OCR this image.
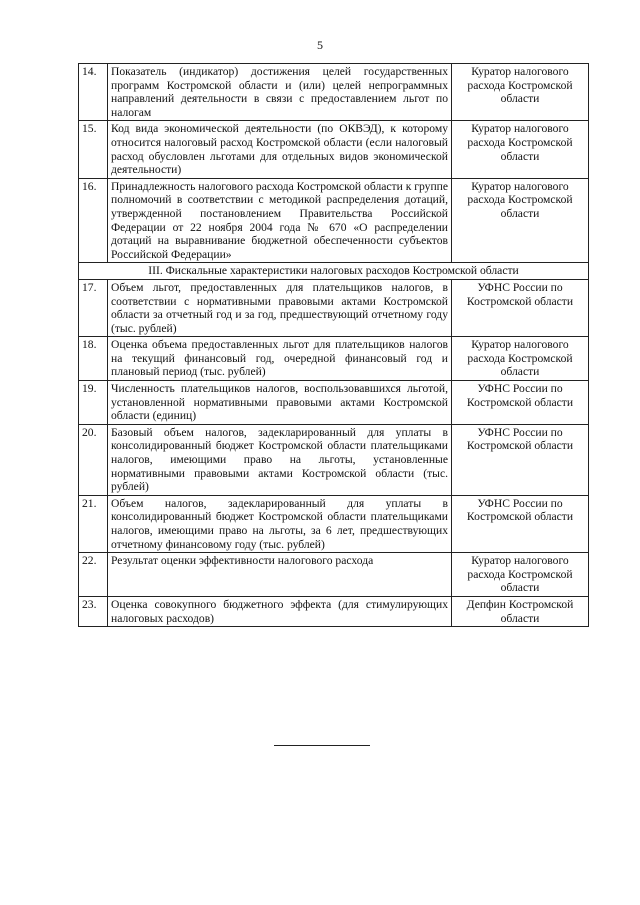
5
14.	Показатель (индикатор) достижения целей государственных программ Костромской области и (или) целей непрограммных направлений деятельности в связи с предоставлением льгот по налогам	Куратор налогового расхода Костромской области
15.	Код вида экономической деятельности (по ОКВЭД), к которому относится налоговый расход Костромской области (если налоговый расход обусловлен льготами для отдельных видов экономической деятельности)	Куратор налогового расхода Костромской области
16.	Принадлежность налогового расхода Костромской области к группе полномочий в соответствии с методикой распределения дотаций, утвержденной постановлением Правительства Российской Федерации от 22 ноября 2004 года № 670 «О распределении дотаций на выравнивание бюджетной обеспеченности субъектов Российской Федерации»	Куратор налогового расхода Костромской области
III. Фискальные характеристики налоговых расходов Костромской области		
17.	Объем льгот, предоставленных для плательщиков налогов, в соответствии с нормативными правовыми актами Костромской области за отчетный год и за год, предшествующий отчетному году (тыс. рублей)	УФНС России по Костромской области
18.	Оценка объема предоставленных льгот для плательщиков налогов на текущий финансовый год, очередной финансовый год и плановый период (тыс. рублей)	Куратор налогового расхода Костромской области
19.	Численность плательщиков налогов, воспользовавшихся льготой, установленной нормативными правовыми актами Костромской области (единиц)	УФНС России по Костромской области
20.	Базовый объем налогов, задекларированный для уплаты в консолидированный бюджет Костромской области плательщиками налогов, имеющими право на льготы, установленные нормативными правовыми актами Костромской области (тыс. рублей)	УФНС России по Костромской области
21.	Объем налогов, задекларированный для уплаты в консолидированный бюджет Костромской области плательщиками налогов, имеющими право на льготы, за 6 лет, предшествующих отчетному финансовому году (тыс. рублей)	УФНС России по Костромской области
22.	Результат оценки эффективности налогового расхода	Куратор налогового расхода Костромской области
23.	Оценка совокупного бюджетного эффекта (для стимулирующих налоговых расходов)	Депфин Костромской области
